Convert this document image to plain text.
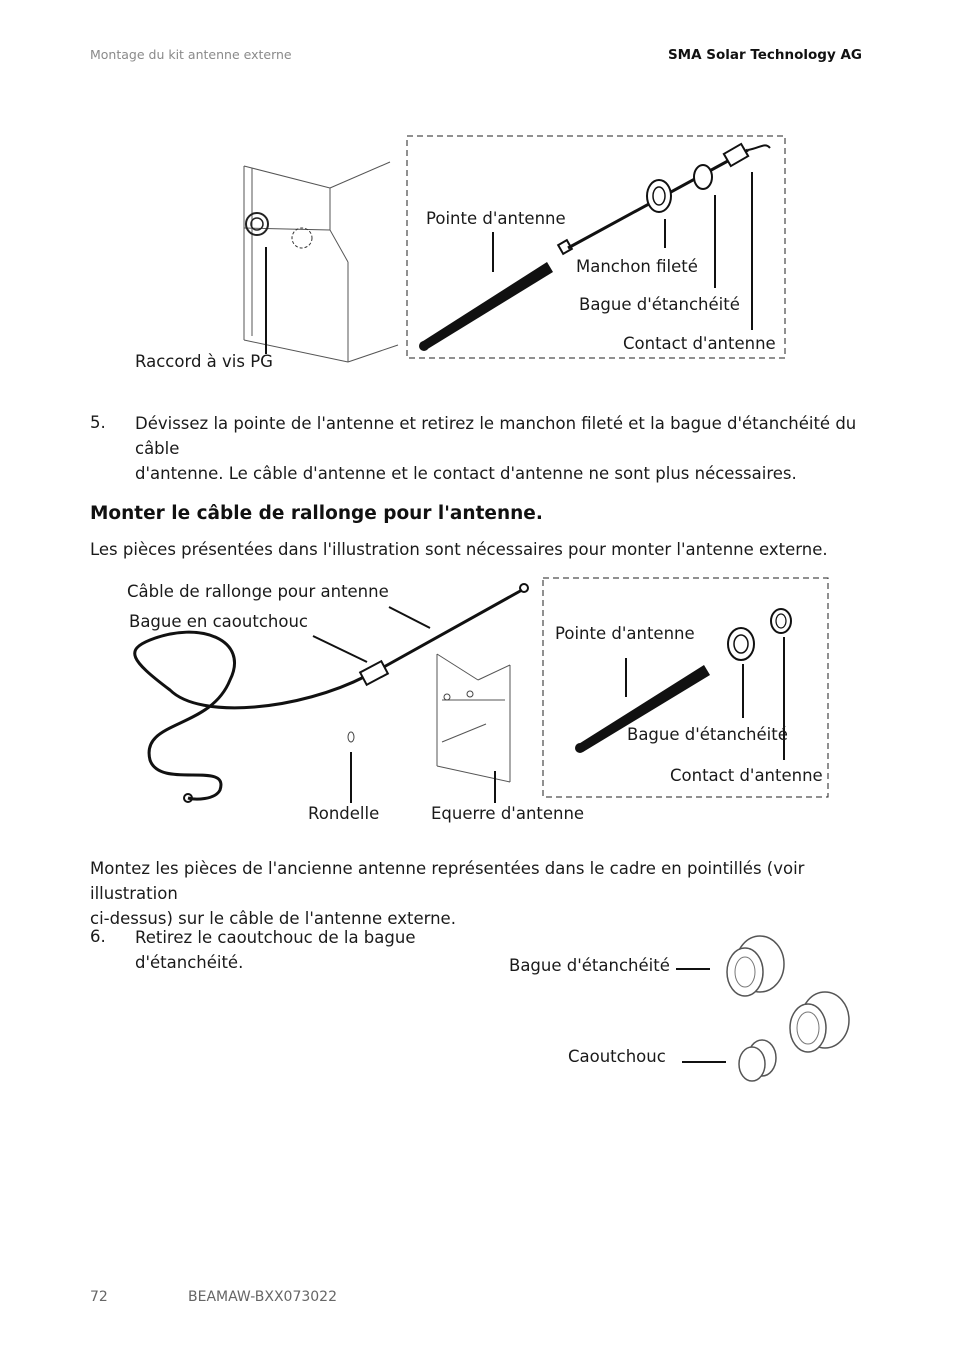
Montage du kit antenne externe	SMA Solar Technology AG
Pointe d'antenne
Manchon fileté
Bague d'étanchéité
Contact d'antenne
Raccord à vis PG
5. Dévissez la pointe de l'antenne et retirez le manchon fileté et la bague d'étanchéité du câble
d'antenne. Le câble d'antenne et le contact d'antenne ne sont plus nécessaires.
Monter le câble de rallonge pour l'antenne.
Les pièces présentées dans l'illustration sont nécessaires pour monter l'antenne externe.
Câble de rallonge pour antenne
Bague en caoutchouc
Pointe d'antenne
Bague d'étanchéité
Contact d'antenne
Rondelle	Equerre d'antenne
Montez les pièces de l'ancienne antenne représentées dans le cadre en pointillés (voir illustration
ci-dessus) sur le câble de l'antenne externe.
6. Retirez le caoutchouc de la bague
d'étanchéité.	Bague d'étanchéité
Caoutchouc
72	BEAMAW-BXX073022
